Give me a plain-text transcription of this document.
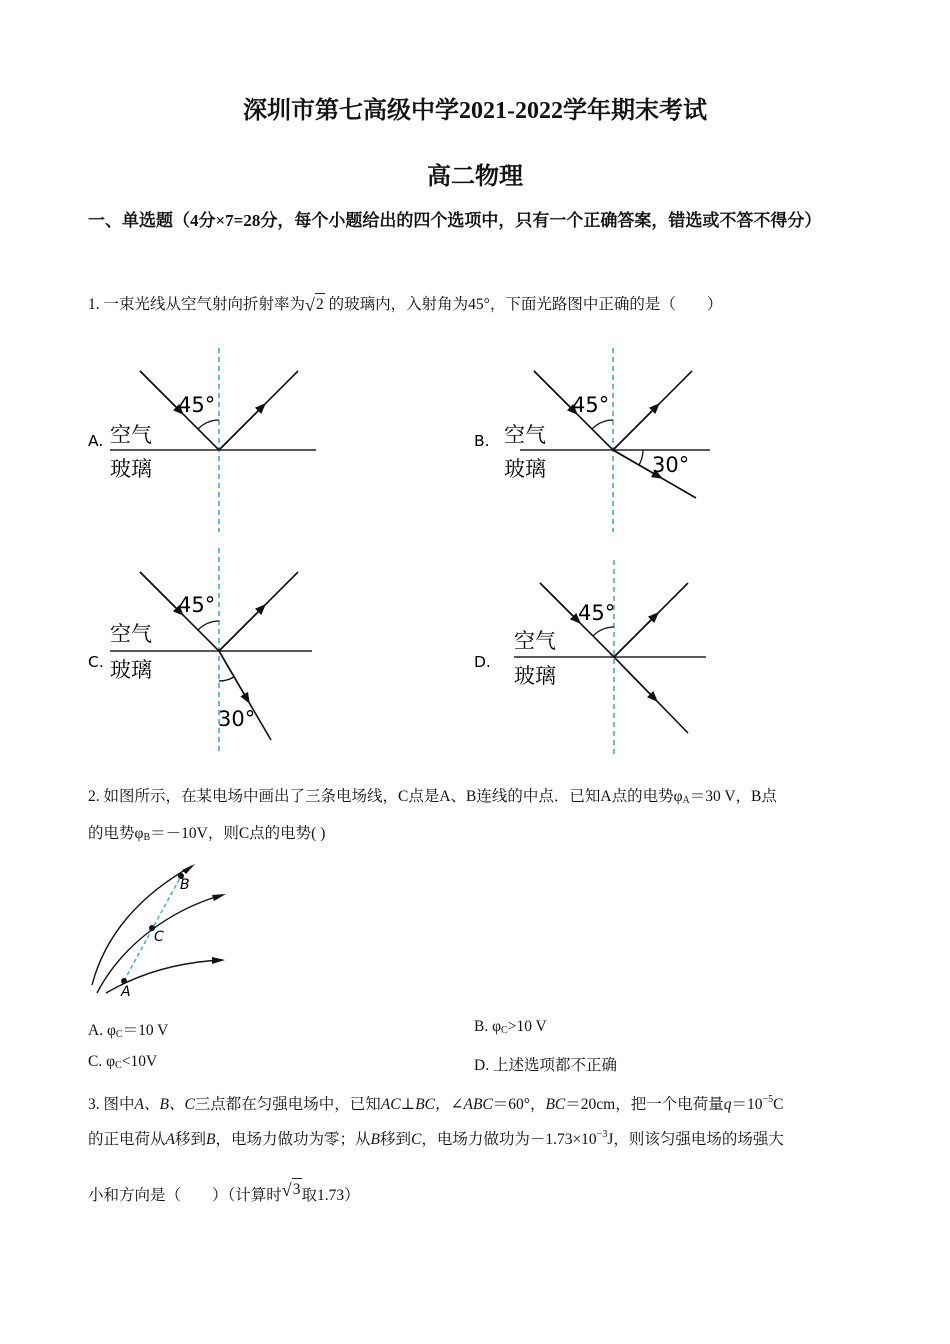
深圳市第七高级中学2021-2022学年期末考试
高二物理
一、单选题（4分×7=28分，每个小题给出的四个选项中，只有一个正确答案，错选或不答不得分）
1. 一束光线从空气射向折射率为 √ 2 的玻璃内，入射角为45°，下面光路图中正确的是（　　）
45°
空气
玻璃
A.
45°
30°
空气
玻璃
B.
45°
30°
空气
玻璃
C.
45°
空气
玻璃
D.
B
C
A
2. 如图所示，在某电场中画出了三条电场线，C点是A、B连线的中点．已知A点的电势$\varphi_A=30$ V，B点
的电势$\varphi_B=-10V$，则C点的电势( )
A. $\varphi_C=10$ V	B. $\varphi_C>10$ V
C. $\varphi_C<10V$	D. 上述选项都不正确
3. 图中A、B、C三点都在匀强电场中，已知AC⊥BC，∠ABC＝60°，BC＝20cm，把一个电荷量$q=10^{-5}C$
的正电荷从A移到B，电场力做功为零；从B移到C，电场力做功为$-1.73\times 10^{-3}J$，则该匀强电场的场强大
小和方向是（　　）（计算时 √ 3取1.73）
